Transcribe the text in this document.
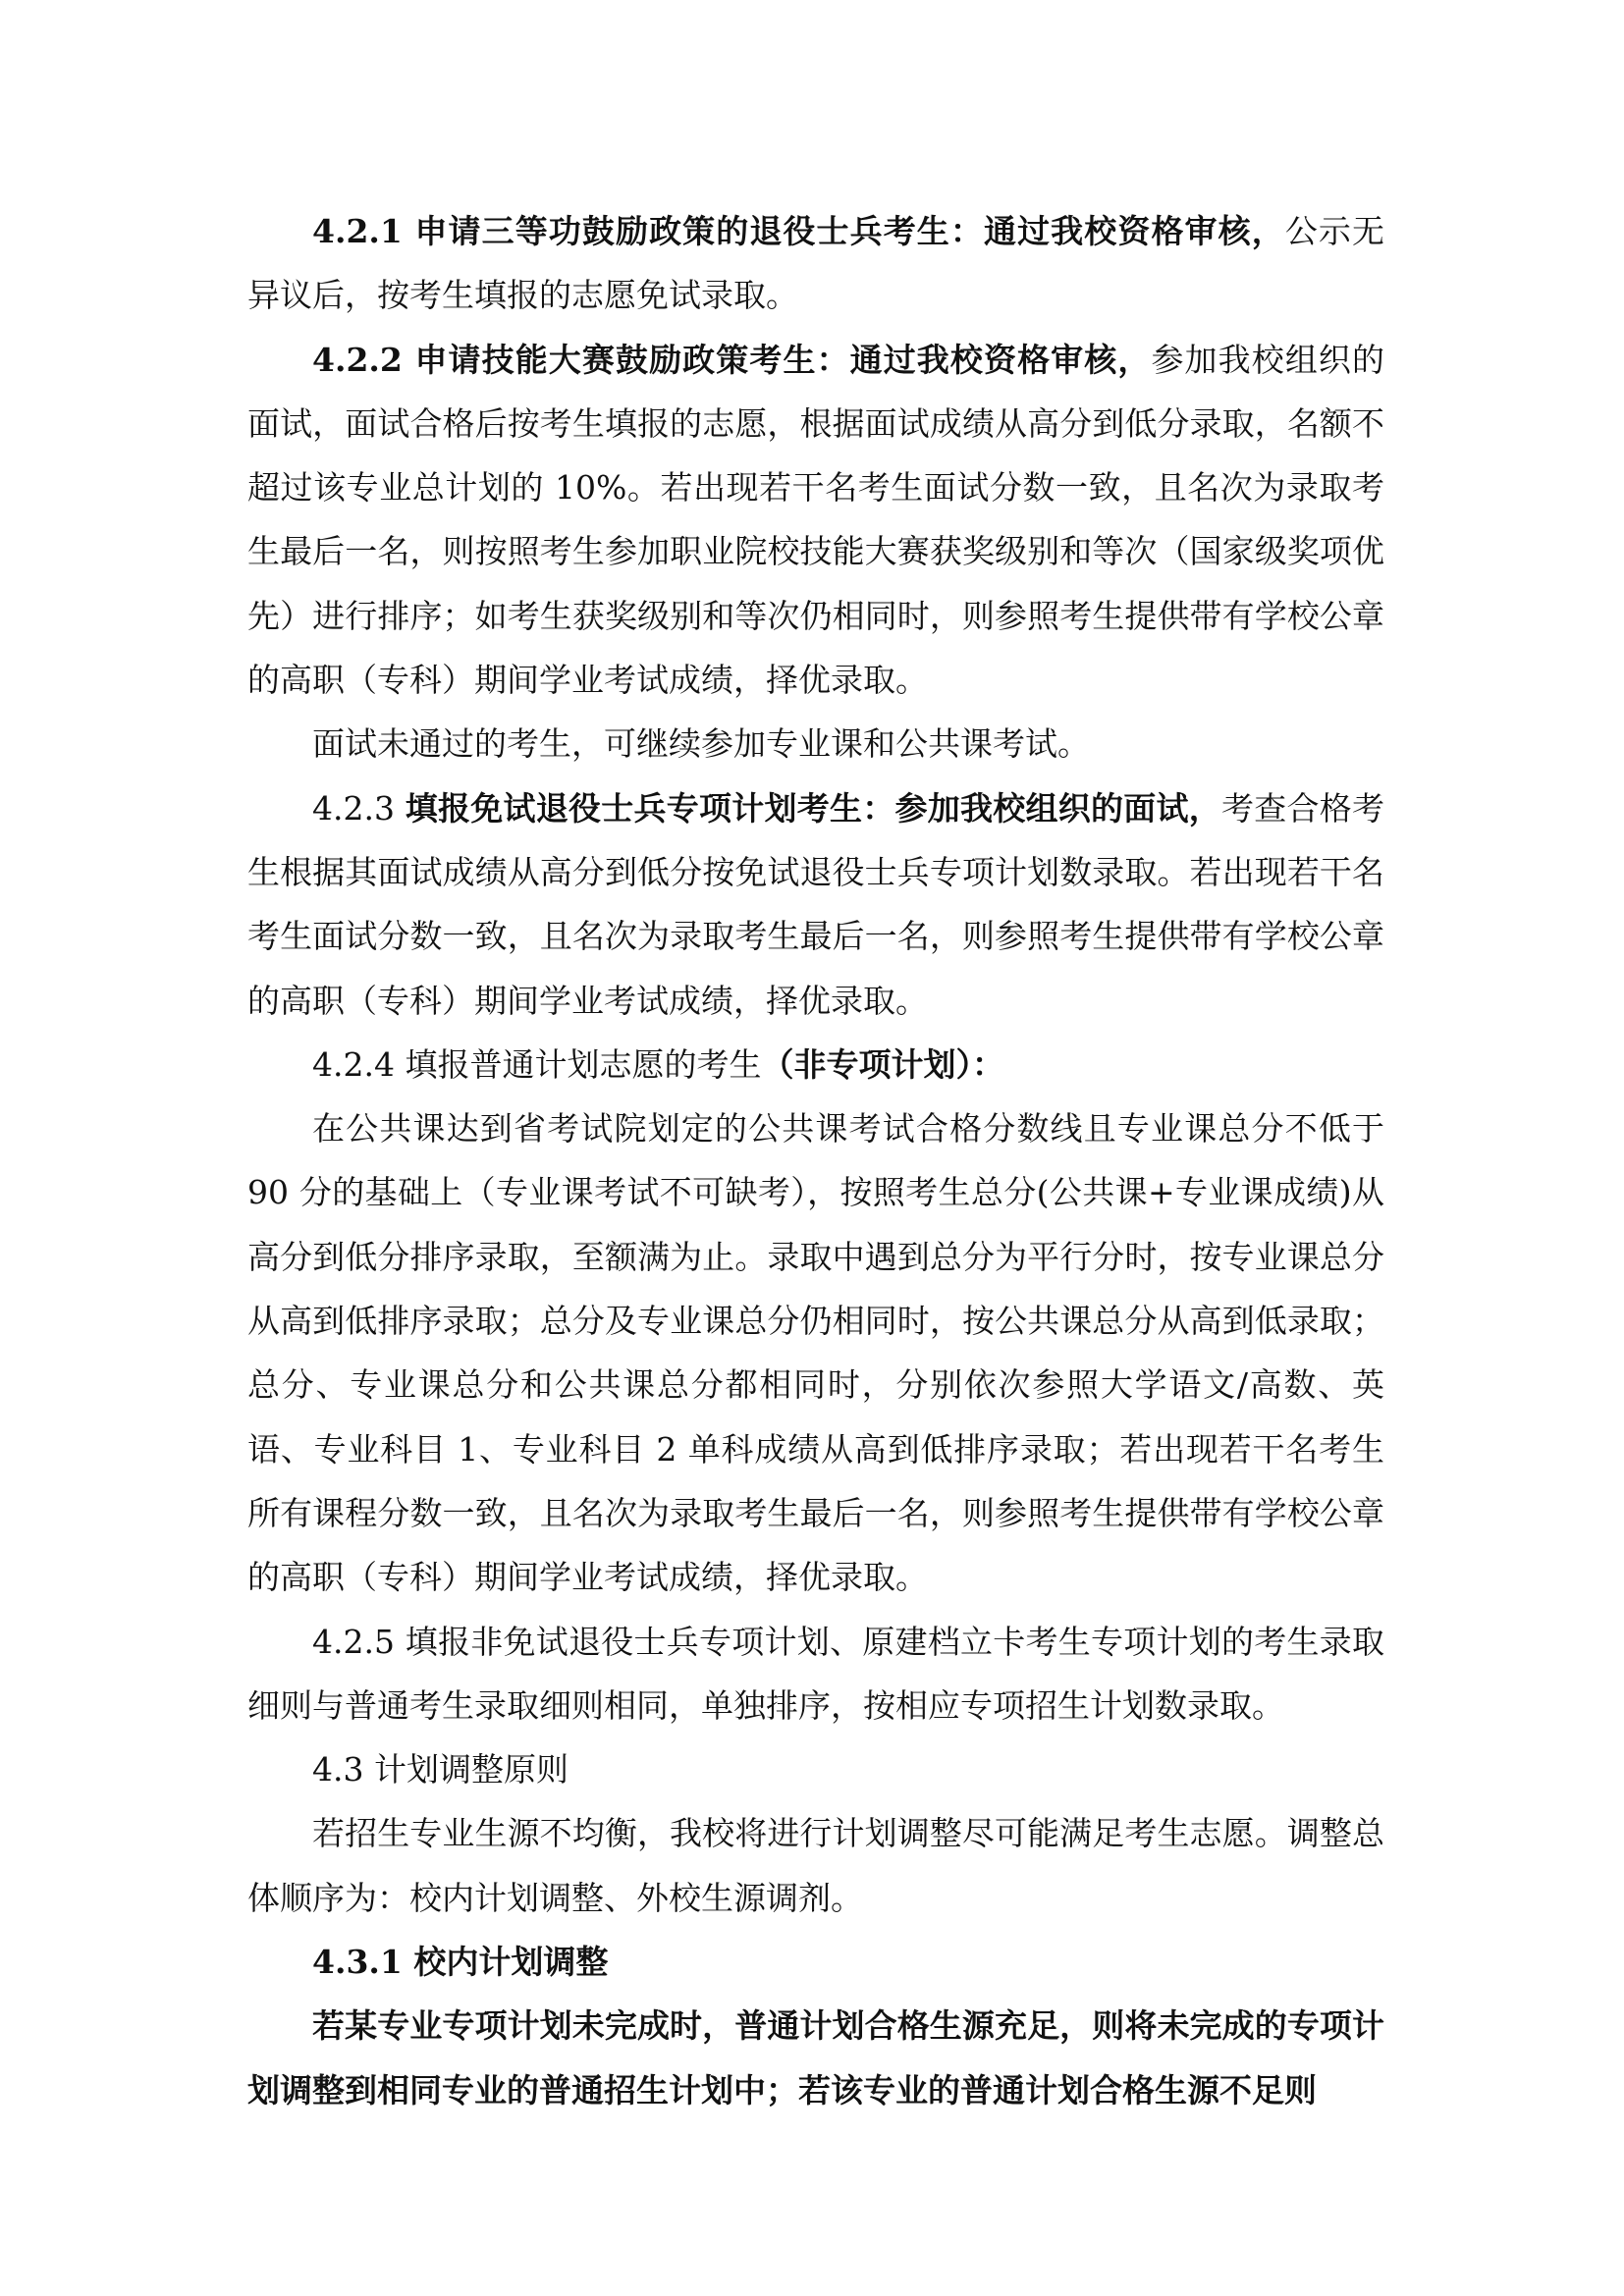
4.2.1 申请三等功鼓励政策的退役士兵考生：通过我校资格审核，公示无异议后，按考生填报的志愿免试录取。

4.2.2 申请技能大赛鼓励政策考生：通过我校资格审核，参加我校组织的面试，面试合格后按考生填报的志愿，根据面试成绩从高分到低分录取，名额不超过该专业总计划的 10%。若出现若干名考生面试分数一致，且名次为录取考生最后一名，则按照考生参加职业院校技能大赛获奖级别和等次（国家级奖项优先）进行排序；如考生获奖级别和等次仍相同时，则参照考生提供带有学校公章的高职（专科）期间学业考试成绩，择优录取。

面试未通过的考生，可继续参加专业课和公共课考试。

4.2.3 填报免试退役士兵专项计划考生：参加我校组织的面试，考查合格考生根据其面试成绩从高分到低分按免试退役士兵专项计划数录取。若出现若干名考生面试分数一致，且名次为录取考生最后一名，则参照考生提供带有学校公章的高职（专科）期间学业考试成绩，择优录取。

4.2.4 填报普通计划志愿的考生（非专项计划）：

在公共课达到省考试院划定的公共课考试合格分数线且专业课总分不低于 90 分的基础上（专业课考试不可缺考），按照考生总分(公共课+专业课成绩)从高分到低分排序录取，至额满为止。录取中遇到总分为平行分时，按专业课总分从高到低排序录取；总分及专业课总分仍相同时，按公共课总分从高到低录取；总分、专业课总分和公共课总分都相同时，分别依次参照大学语文/高数、英语、专业科目 1、专业科目 2 单科成绩从高到低排序录取；若出现若干名考生所有课程分数一致，且名次为录取考生最后一名，则参照考生提供带有学校公章的高职（专科）期间学业考试成绩，择优录取。

4.2.5 填报非免试退役士兵专项计划、原建档立卡考生专项计划的考生录取细则与普通考生录取细则相同，单独排序，按相应专项招生计划数录取。

4.3 计划调整原则

若招生专业生源不均衡，我校将进行计划调整尽可能满足考生志愿。调整总体顺序为：校内计划调整、外校生源调剂。

4.3.1 校内计划调整

若某专业专项计划未完成时，普通计划合格生源充足，则将未完成的专项计划调整到相同专业的普通招生计划中；若该专业的普通计划合格生源不足则
